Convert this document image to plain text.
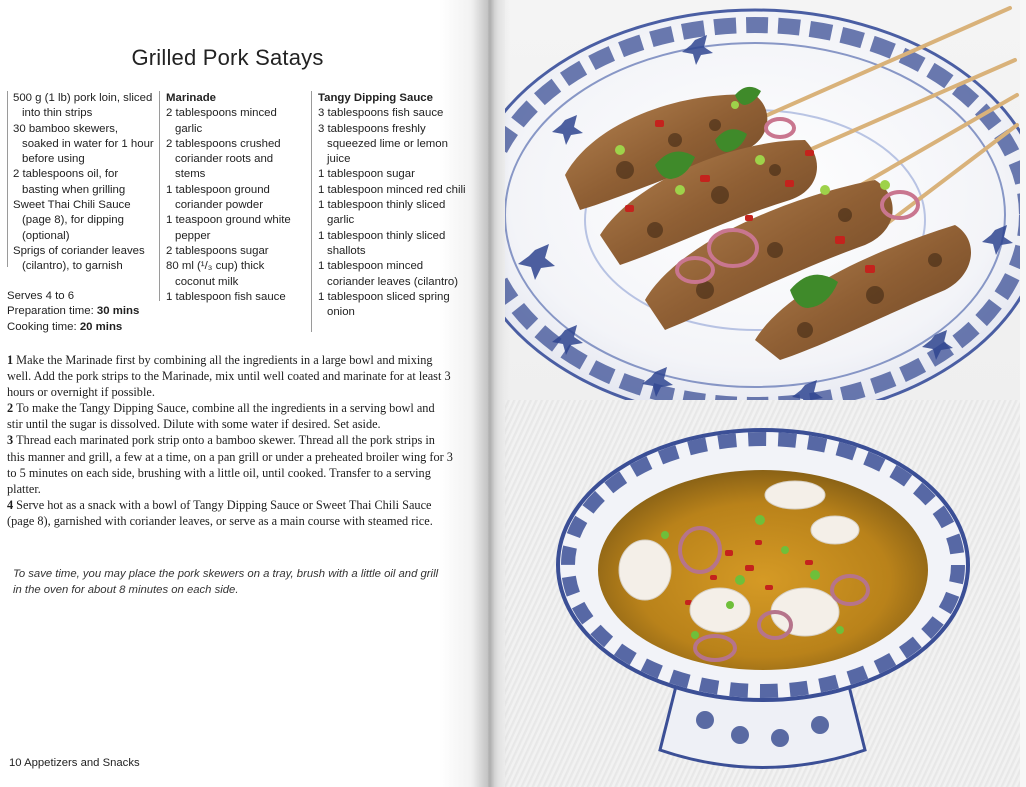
Grilled Pork Satays

500 g (1 lb) pork loin, sliced into thin strips

30 bamboo skewers, soaked in water for 1 hour before using

2 tablespoons oil, for basting when grilling

Sweet Thai Chili Sauce (page 8), for dipping (optional)

Sprigs of coriander leaves (cilantro), to garnish

Marinade

2 tablespoons minced garlic

2 tablespoons crushed coriander roots and stems

1 tablespoon ground coriander powder

1 teaspoon ground white pepper

2 tablespoons sugar

80 ml (¹/₃ cup) thick coconut milk

1 tablespoon fish sauce

Tangy Dipping Sauce

3 tablespoons fish sauce

3 tablespoons freshly squeezed lime or lemon juice

1 tablespoon sugar

1 tablespoon minced red chili

1 tablespoon thinly sliced garlic

1 tablespoon thinly sliced shallots

1 tablespoon minced coriander leaves (cilantro)

1 tablespoon sliced spring onion

Serves 4 to 6
Preparation time: 30 mins
Cooking time: 20 mins

1 Make the Marinade first by combining all the ingredients in a large bowl and mixing well. Add the pork strips to the Marinade, mix until well coated and marinate for at least 3 hours or overnight if possible.

2 To make the Tangy Dipping Sauce, combine all the ingredients in a serving bowl and stir until the sugar is dissolved. Dilute with some water if desired. Set aside.

3 Thread each marinated pork strip onto a bamboo skewer. Thread all the pork strips in this manner and grill, a few at a time, on a pan grill or under a preheated broiler wing for 3 to 5 minutes on each side, brushing with a little oil, until cooked. Transfer to a serving platter.

4 Serve hot as a snack with a bowl of Tangy Dipping Sauce or Sweet Thai Chili Sauce (page 8), garnished with coriander leaves, or serve as a main course with steamed rice.

To save time, you may place the pork skewers on a tray, brush with a little oil and grill in the oven for about 8 minutes on each side.
10 Appetizers and Snacks
